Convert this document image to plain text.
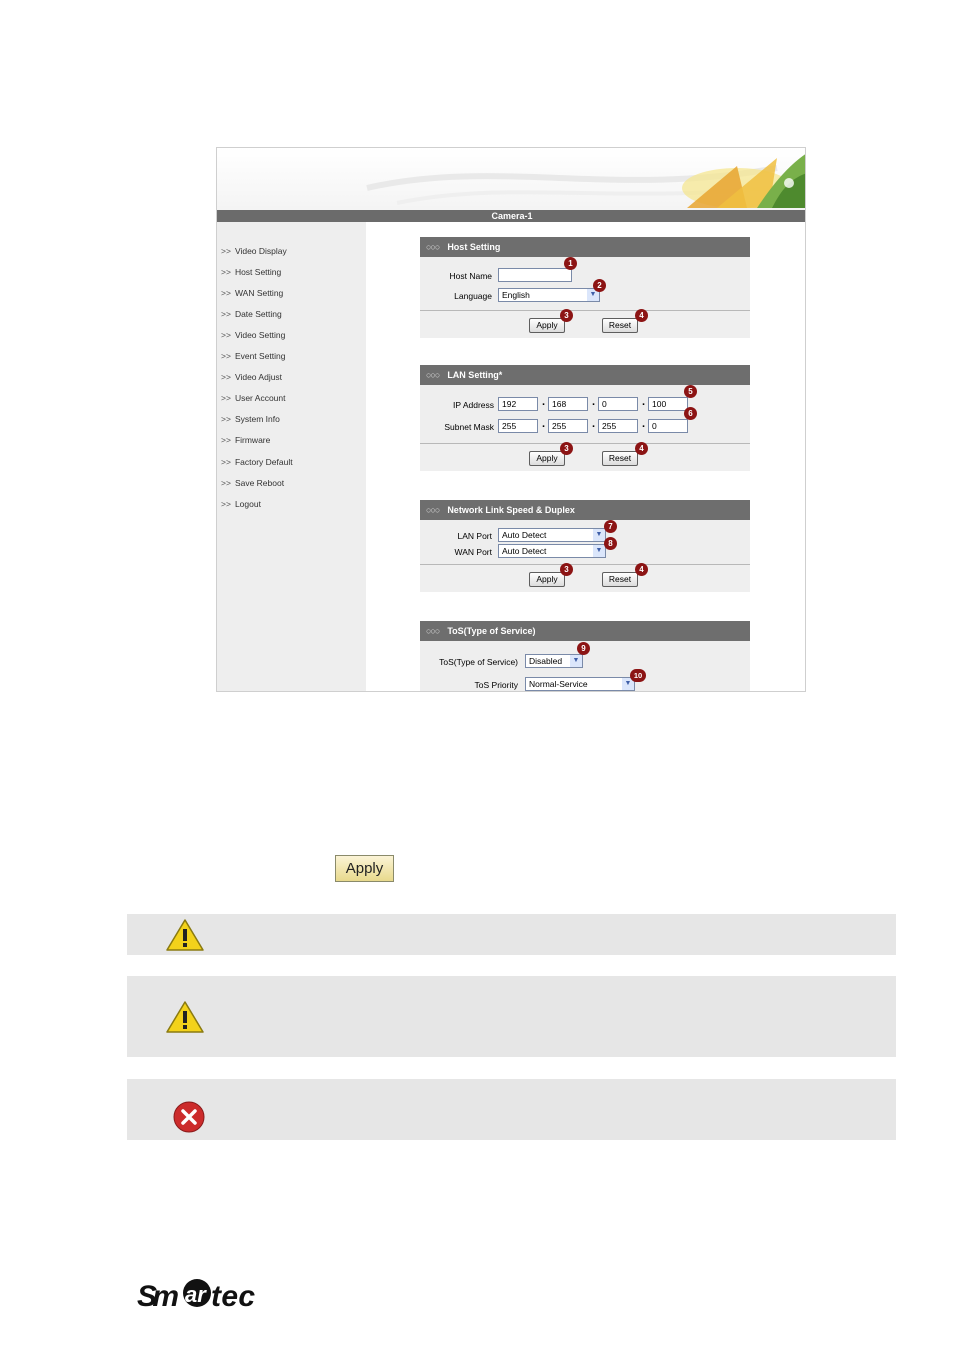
Camera-1
>> Video Display
>> Host Setting
>> WAN Setting
>> Date Setting
>> Video Setting
>> Event Setting
>> Video Adjust
>> User Account
>> System Info
>> Firmware
>> Factory Default
>> Save Reboot
>> Logout
○○○ Host Setting
Host Name
1
Language	English	▼
2
Apply
3
Reset
4
○○○ LAN Setting*
IP Address 192	. 168	. 0	. 100
5
Subnet Mask 255	. 255	. 255	. 0
6
Apply
3
Reset
4
○○○ Network Link Speed & Duplex
LAN Port	Auto Detect	▼
7
WAN Port	Auto Detect	▼
8
Apply
3
Reset
4
○○○ ToS(Type of Service)
ToS(Type of Service)	Disabled	▼
9
ToS Priority	Normal-Service	▼
10
Apply
Sm ar tec
